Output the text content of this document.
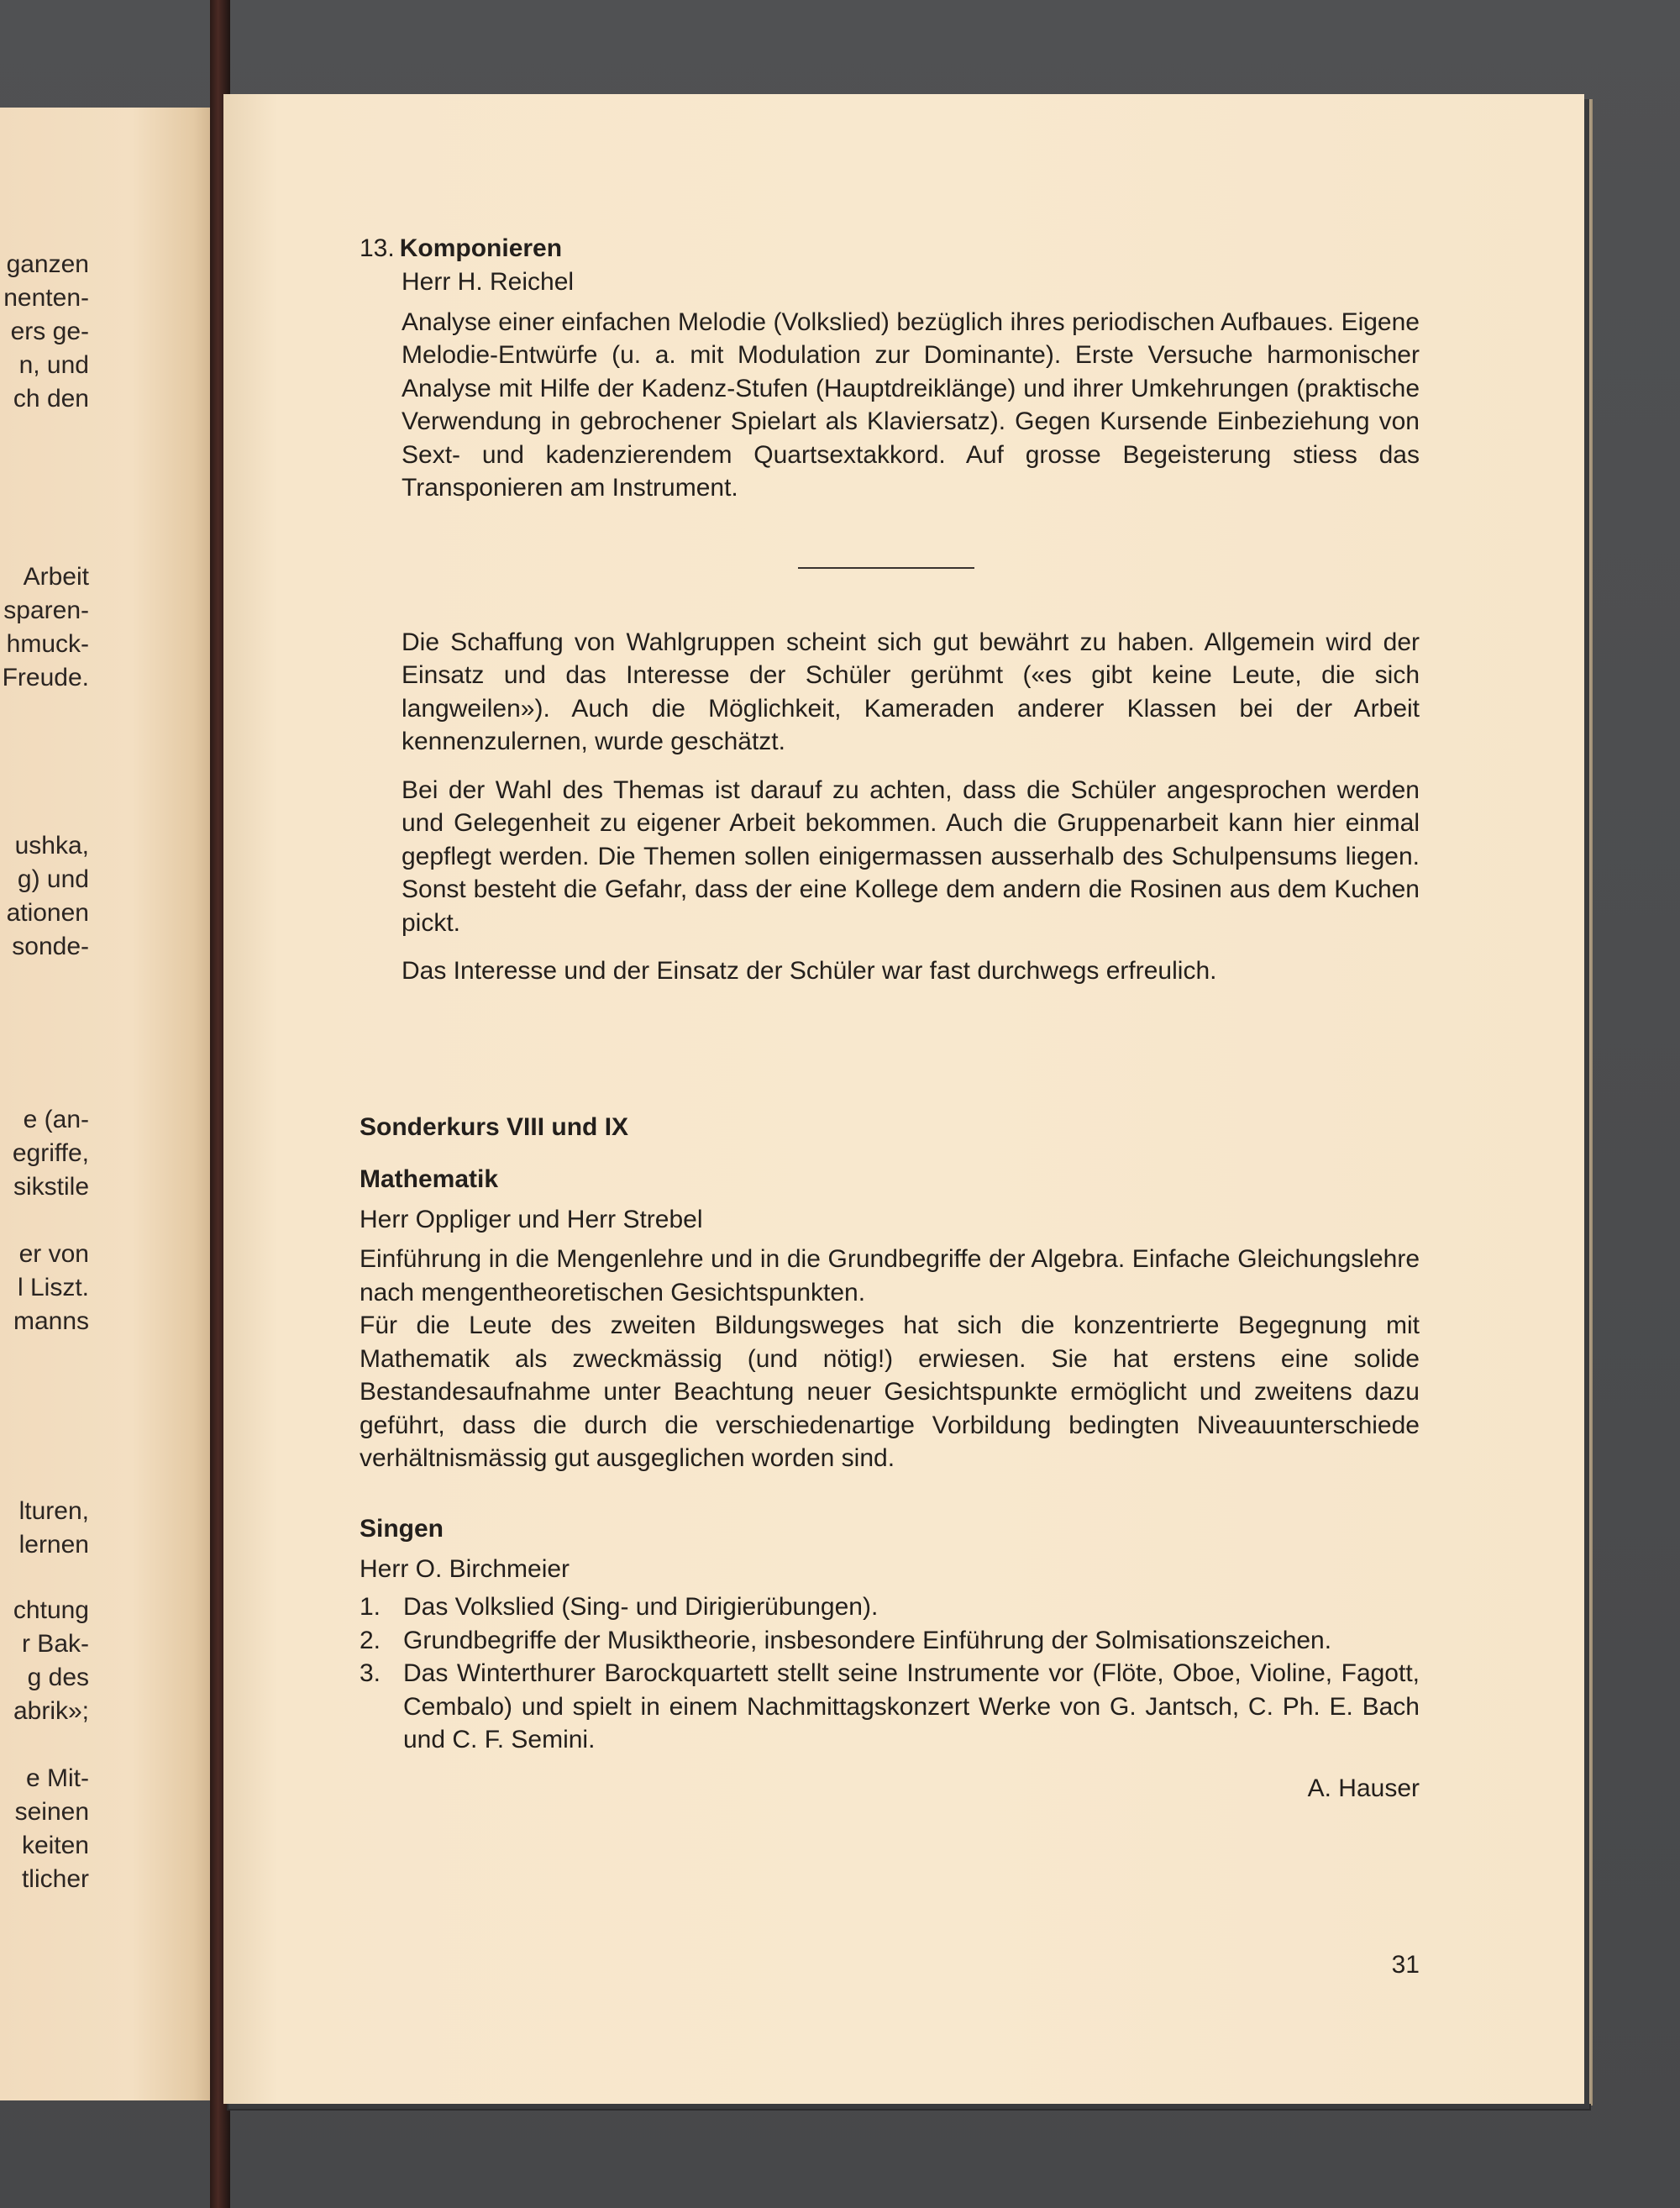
ganzen
nenten-
ers ge-
n, und
ch den
Arbeit
sparen-
hmuck-
Freude.
ushka,
g) und
ationen
sonde-
e (an-
egriffe,
sikstile
er von
l Liszt.
manns
lturen,
lernen
chtung
r Bak-
g des
abrik»;
e Mit-
seinen
keiten
tlicher
13. Komponieren
Herr H. Reichel

Analyse einer einfachen Melodie (Volkslied) bezüglich ihres periodischen Aufbaues. Eigene Melodie-Entwürfe (u. a. mit Modulation zur Dominante). Erste Versuche harmonischer Analyse mit Hilfe der Kadenz-Stufen (Hauptdreiklänge) und ihrer Umkehrungen (praktische Verwendung in gebrochener Spielart als Klaviersatz). Gegen Kursende Einbeziehung von Sext- und kadenzierendem Quartsextakkord. Auf grosse Begeisterung stiess das Transponieren am Instrument.

Die Schaffung von Wahlgruppen scheint sich gut bewährt zu haben. Allgemein wird der Einsatz und das Interesse der Schüler gerühmt («es gibt keine Leute, die sich langweilen»). Auch die Möglichkeit, Kameraden anderer Klassen bei der Arbeit kennenzulernen, wurde geschätzt.

Bei der Wahl des Themas ist darauf zu achten, dass die Schüler angesprochen werden und Gelegenheit zu eigener Arbeit bekommen. Auch die Gruppenarbeit kann hier einmal gepflegt werden. Die Themen sollen einigermassen ausserhalb des Schulpensums liegen. Sonst besteht die Gefahr, dass der eine Kollege dem andern die Rosinen aus dem Kuchen pickt.

Das Interesse und der Einsatz der Schüler war fast durchwegs erfreulich.

Sonderkurs VIII und IX
Mathematik
Herr Oppliger und Herr Strebel

Einführung in die Mengenlehre und in die Grundbegriffe der Algebra. Einfache Gleichungslehre nach mengentheoretischen Gesichtspunkten.

Für die Leute des zweiten Bildungsweges hat sich die konzentrierte Begegnung mit Mathematik als zweckmässig (und nötig!) erwiesen. Sie hat erstens eine solide Bestandesaufnahme unter Beachtung neuer Gesichtspunkte ermöglicht und zweitens dazu geführt, dass die durch die verschiedenartige Vorbildung bedingten Niveauunterschiede verhältnismässig gut ausgeglichen worden sind.

Singen
Herr O. Birchmeier
1. Das Volkslied (Sing- und Dirigierübungen).
2. Grundbegriffe der Musiktheorie, insbesondere Einführung der Solmisationszeichen.
3. Das Winterthurer Barockquartett stellt seine Instrumente vor (Flöte, Oboe, Violine, Fagott, Cembalo) und spielt in einem Nachmittagskonzert Werke von G. Jantsch, C. Ph. E. Bach und C. F. Semini.
A. Hauser
31
